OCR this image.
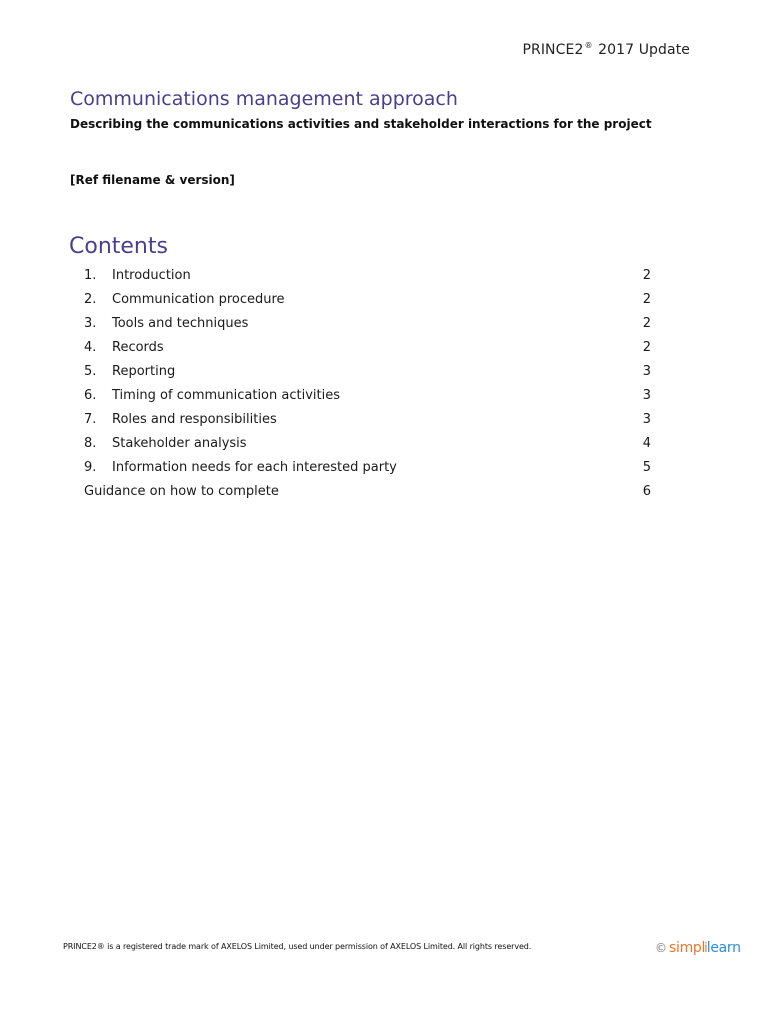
PRINCE2® 2017 Update
Communications management approach

Describing the communications activities and stakeholder interactions for the project

[Ref filename & version]
Contents
1. Introduction	2
2. Communication procedure	2
3. Tools and techniques	2
4. Records	2
5. Reporting	3
6. Timing of communication activities	3
7. Roles and responsibilities	3
8. Stakeholder analysis	4
9. Information needs for each interested party	5
Guidance on how to complete	6
PRINCE2® is a registered trade mark of AXELOS Limited, used under permission of AXELOS Limited. All rights reserved.	© simplilearn
